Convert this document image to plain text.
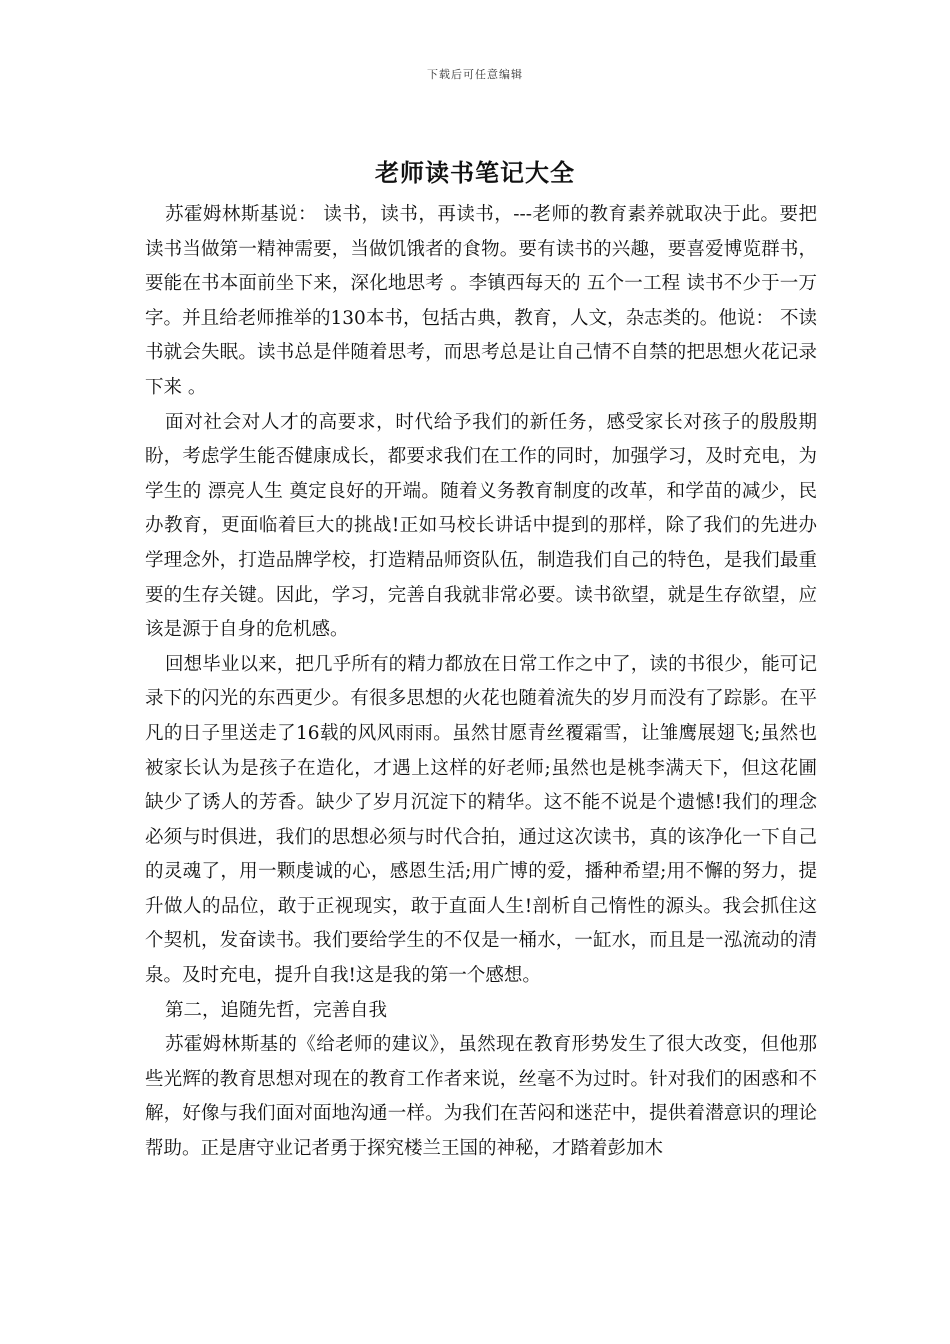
下载后可任意编辑
老师读书笔记大全

苏霍姆林斯基说： 读书，读书，再读书，---老师的教育素养就取决于此。要把读书当做第一精神需要，当做饥饿者的食物。要有读书的兴趣，要喜爱博览群书，要能在书本面前坐下来，深化地思考 。李镇西每天的 五个一工程 读书不少于一万字。并且给老师推举的130本书，包括古典，教育，人文，杂志类的。他说： 不读书就会失眠。读书总是伴随着思考，而思考总是让自己情不自禁的把思想火花记录下来 。

面对社会对人才的高要求，时代给予我们的新任务，感受家长对孩子的殷殷期盼，考虑学生能否健康成长，都要求我们在工作的同时，加强学习，及时充电，为学生的 漂亮人生 奠定良好的开端。随着义务教育制度的改革，和学苗的减少，民办教育，更面临着巨大的挑战!正如马校长讲话中提到的那样，除了我们的先进办学理念外，打造品牌学校，打造精品师资队伍，制造我们自己的特色，是我们最重要的生存关键。因此，学习，完善自我就非常必要。读书欲望，就是生存欲望，应该是源于自身的危机感。

回想毕业以来，把几乎所有的精力都放在日常工作之中了，读的书很少，能可记录下的闪光的东西更少。有很多思想的火花也随着流失的岁月而没有了踪影。在平凡的日子里送走了16载的风风雨雨。虽然甘愿青丝覆霜雪，让雏鹰展翅飞;虽然也被家长认为是孩子在造化，才遇上这样的好老师;虽然也是桃李满天下，但这花圃缺少了诱人的芳香。缺少了岁月沉淀下的精华。这不能不说是个遗憾!我们的理念必须与时俱进，我们的思想必须与时代合拍，通过这次读书，真的该净化一下自己的灵魂了，用一颗虔诚的心，感恩生活;用广博的爱，播种希望;用不懈的努力，提升做人的品位，敢于正视现实，敢于直面人生!剖析自己惰性的源头。我会抓住这个契机，发奋读书。我们要给学生的不仅是一桶水，一缸水，而且是一泓流动的清泉。及时充电，提升自我!这是我的第一个感想。

第二，追随先哲，完善自我

苏霍姆林斯基的《给老师的建议》，虽然现在教育形势发生了很大改变，但他那些光辉的教育思想对现在的教育工作者来说，丝毫不为过时。针对我们的困惑和不解，好像与我们面对面地沟通一样。为我们在苦闷和迷茫中，提供着潜意识的理论帮助。正是唐守业记者勇于探究楼兰王国的神秘，才踏着彭加木
